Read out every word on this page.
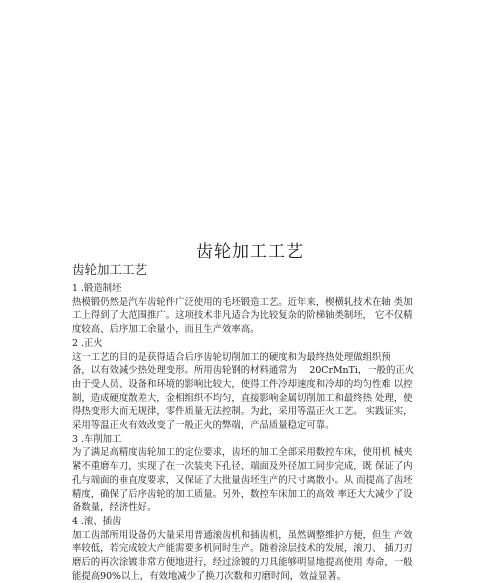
齿轮加工工艺
齿轮加工工艺

1 .锻造制坯

热模锻仍然是汽车齿轮件广泛使用的毛坯锻造工艺。近年来，楔横轧技术在轴 类加
工上得到了大范围推广。这项技术非凡适合为比较复杂的阶梯轴类制坯， 它不仅精
度较高、后序加工余量小，而且生产效率高。

2 .正火

这一工艺的目的是获得适合后序齿轮切削加工的硬度和为最终热处理做组织预
备，以有效减少热处理变形。所用齿轮钢的材料通常为　 20CrMnTi，一般的正火
由于受人员、设备和环境的影响比较大，使得工件冷却速度和冷却的均匀性难 以控
制，造成硬度散差大，金相组织不均匀，直接影响金属切削加工和最终热 处理，使
得热变形大而无规律，零件质量无法控制。为此，采用等温正火工艺。 实践证实，
采用等温正火有效改变了一般正火的弊端，产品质量稳定可靠。

3 .车削加工

为了满足高精度齿轮加工的定位要求，齿坯的加工全部采用数控车床，使用机 械夹
紧不重磨车刀，实现了在一次装夹下孔径、端面及外径加工同步完成，既 保证了内
孔与端面的垂直度要求，又保证了大批量齿坯生产的尺寸离散小。从 而提高了齿坯
精度，确保了后序齿轮的加工质量。另外，数控车床加工的高效 率还大大减少了设
备数量，经济性好。

4 .滚、插齿

加工齿部所用设备仍大量采用普通滚齿机和插齿机，虽然调整维护方便，但生 产效
率较低，若完成较大产能需要多机同时生产。随着涂层技术的发展，滚刀、 插刀刃
磨后的再次涂镀非常方便地进行，经过涂镀的刀具能够明显地提高使用 寿命，一般
能提高90%以上，有效地减少了换刀次数和刃磨时间，效益显著。
